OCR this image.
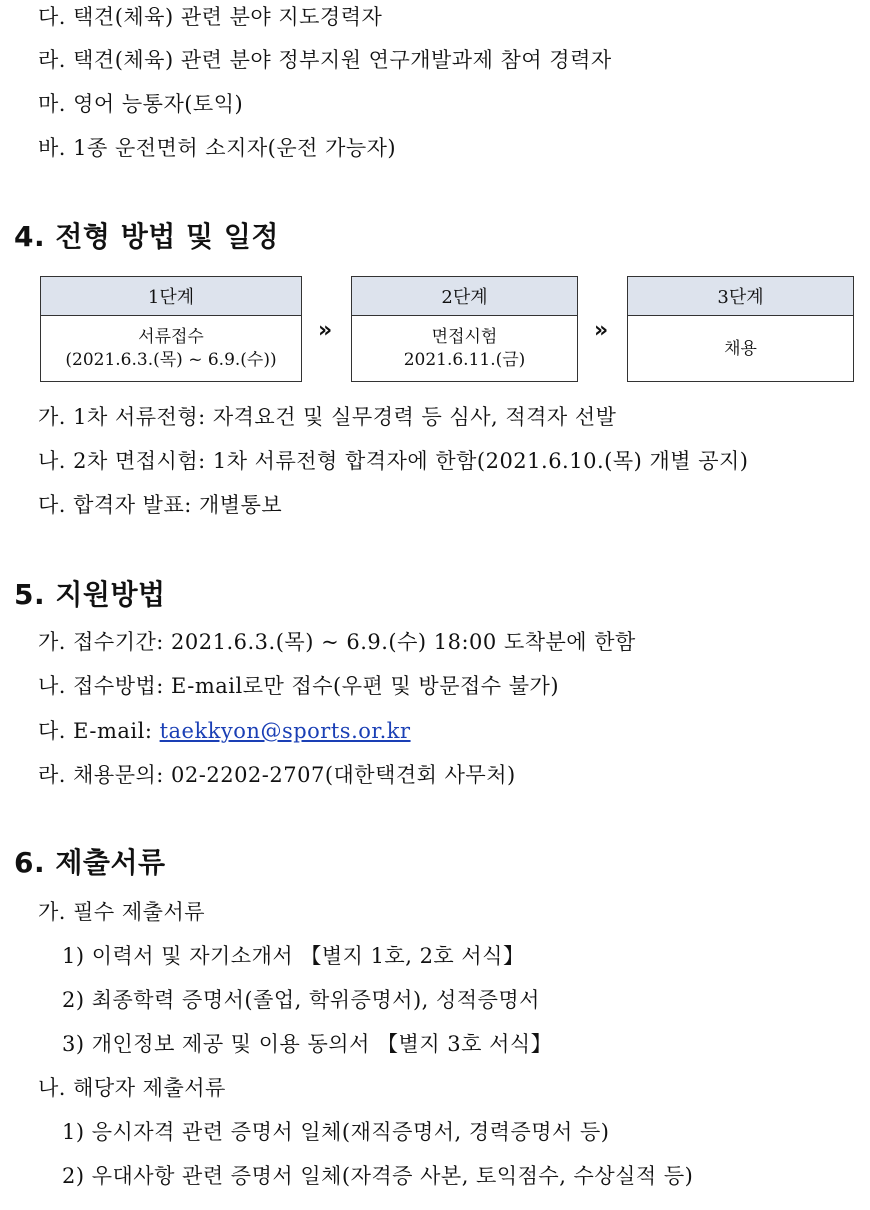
다. 택견(체육) 관련 분야 지도경력자
라. 택견(체육) 관련 분야 정부지원 연구개발과제 참여 경력자
마. 영어 능통자(토익)
바. 1종 운전면허 소지자(운전 가능자)
4. 전형 방법 및 일정
1단계
서류접수
(2021.6.3.(목) ~ 6.9.(수))
»
2단계
면접시험
2021.6.11.(금)
»
3단계
채용
가. 1차 서류전형: 자격요건 및 실무경력 등 심사, 적격자 선발
나. 2차 면접시험: 1차 서류전형 합격자에 한함(2021.6.10.(목) 개별 공지)
다. 합격자 발표: 개별통보
5. 지원방법
가. 접수기간: 2021.6.3.(목) ~ 6.9.(수) 18:00 도착분에 한함
나. 접수방법: E-mail로만 접수(우편 및 방문접수 불가)
다. E-mail: taekkyon@sports.or.kr
라. 채용문의: 02-2202-2707(대한택견회 사무처)
6. 제출서류
가. 필수 제출서류
1) 이력서 및 자기소개서 【별지 1호, 2호 서식】
2) 최종학력 증명서(졸업, 학위증명서), 성적증명서
3) 개인정보 제공 및 이용 동의서 【별지 3호 서식】
나. 해당자 제출서류
1) 응시자격 관련 증명서 일체(재직증명서, 경력증명서 등)
2) 우대사항 관련 증명서 일체(자격증 사본, 토익점수, 수상실적 등)
